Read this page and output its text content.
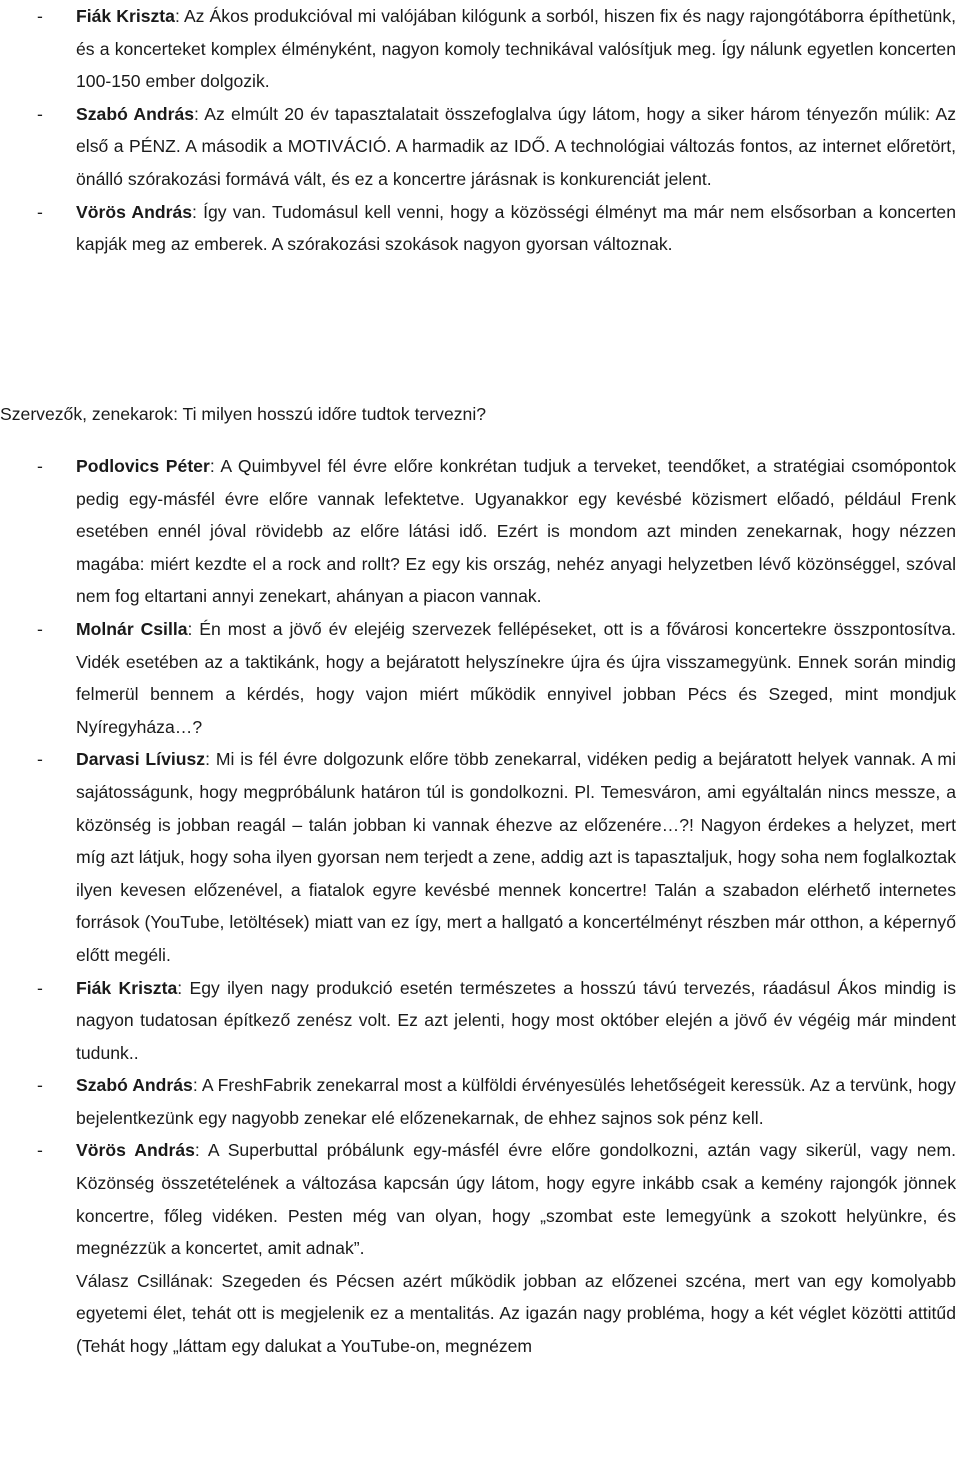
- Fiák Kriszta: Az Ákos produkcióval mi valójában kilógunk a sorból, hiszen fix és nagy rajongótáborra építhetünk, és a koncerteket komplex élményként, nagyon komoly technikával valósítjuk meg. Így nálunk egyetlen koncerten 100-150 ember dolgozik.
- Szabó András: Az elmúlt 20 év tapasztalatait összefoglalva úgy látom, hogy a siker három tényezőn múlik: Az első a PÉNZ. A második a MOTIVÁCIÓ. A harmadik az IDŐ. A technológiai változás fontos, az internet előretört, önálló szórakozási formává vált, és ez a koncertre járásnak is konkurenciát jelent.
- Vörös András: Így van. Tudomásul kell venni, hogy a közösségi élményt ma már nem elsősorban a koncerten kapják meg az emberek. A szórakozási szokások nagyon gyorsan változnak.

Szervezők, zenekarok: Ti milyen hosszú időre tudtok tervezni?

- Podlovics Péter: A Quimbyvel fél évre előre konkrétan tudjuk a terveket, teendőket, a stratégiai csomópontok pedig egy-másfél évre előre vannak lefektetve. Ugyanakkor egy kevésbé közismert előadó, például Frenk esetében ennél jóval rövidebb az előre látási idő. Ezért is mondom azt minden zenekarnak, hogy nézzen magába: miért kezdte el a rock and rollt? Ez egy kis ország, nehéz anyagi helyzetben lévő közönséggel, szóval nem fog eltartani annyi zenekart, ahányan a piacon vannak.
- Molnár Csilla: Én most a jövő év elejéig szervezek fellépéseket, ott is a fővárosi koncertekre összpontosítva. Vidék esetében az a taktikánk, hogy a bejáratott helyszínekre újra és újra visszamegyünk. Ennek során mindig felmerül bennem a kérdés, hogy vajon miért működik ennyivel jobban Pécs és Szeged, mint mondjuk Nyíregyháza…?
- Darvasi Líviusz: Mi is fél évre dolgozunk előre több zenekarral, vidéken pedig a bejáratott helyek vannak. A mi sajátosságunk, hogy megpróbálunk határon túl is gondolkozni. Pl. Temesváron, ami egyáltalán nincs messze, a közönség is jobban reagál – talán jobban ki vannak éhezve az előzenére…?! Nagyon érdekes a helyzet, mert míg azt látjuk, hogy soha ilyen gyorsan nem terjedt a zene, addig azt is tapasztaljuk, hogy soha nem foglalkoztak ilyen kevesen előzenével, a fiatalok egyre kevésbé mennek koncertre! Talán a szabadon elérhető internetes források (YouTube, letöltések) miatt van ez így, mert a hallgató a koncertélményt részben már otthon, a képernyő előtt megéli.
- Fiák Kriszta: Egy ilyen nagy produkció esetén természetes a hosszú távú tervezés, ráadásul Ákos mindig is nagyon tudatosan építkező zenész volt. Ez azt jelenti, hogy most október elején a jövő év végéig már mindent tudunk..
- Szabó András: A FreshFabrik zenekarral most a külföldi érvényesülés lehetőségeit keressük. Az a tervünk, hogy bejelentkezünk egy nagyobb zenekar elé előzenekarnak, de ehhez sajnos sok pénz kell.
- Vörös András: A Superbuttal próbálunk egy-másfél évre előre gondolkozni, aztán vagy sikerül, vagy nem. Közönség összetételének a változása kapcsán úgy látom, hogy egyre inkább csak a kemény rajongók jönnek koncertre, főleg vidéken. Pesten még van olyan, hogy „szombat este lemegyünk a szokott helyünkre, és megnézzük a koncertet, amit adnak”.
Válasz Csillának: Szegeden és Pécsen azért működik jobban az előzenei szcéna, mert van egy komolyabb egyetemi élet, tehát ott is megjelenik ez a mentalitás. Az igazán nagy probléma, hogy a két véglet közötti attitűd (Tehát hogy „láttam egy dalukat a YouTube-on, megnézem
